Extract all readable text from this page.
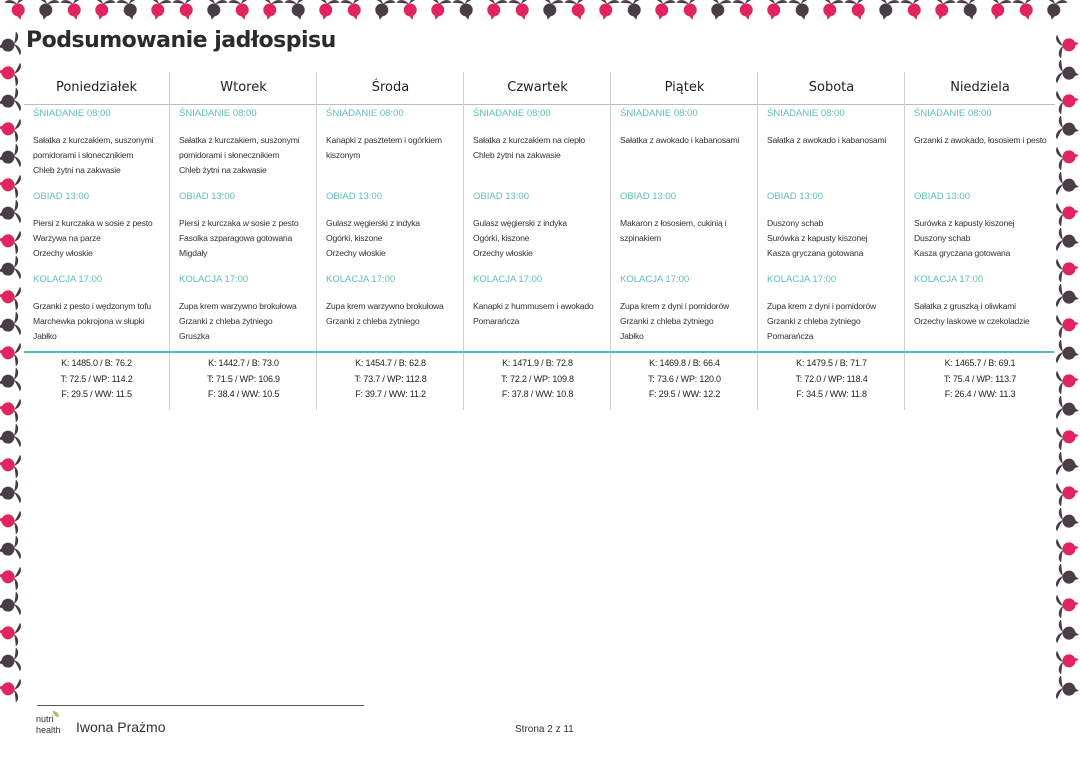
Podsumowanie jadłospisu
Poniedziałek
ŚNIADANIE 08:00
Sałatka z kurczakiem, suszonymi
pomidorami i słonecznikiem
Chleb żytni na zakwasie
OBIAD 13:00
Piersi z kurczaka w sosie z pesto
Warzywa na parze
Orzechy włoskie
KOLACJA 17:00
Grzanki z pesto i wędzonym tofu
Marchewka pokrojona w słupki
Jabłko
K: 1485.0 / B: 76.2
T: 72.5 / WP: 114.2
F: 29.5 / WW: 11.5
Wtorek
ŚNIADANIE 08:00
Sałatka z kurczakiem, suszonymi
pomidorami i słonecznikiem
Chleb żytni na zakwasie
OBIAD 13:00
Piersi z kurczaka w sosie z pesto
Fasolka szparagowa gotowana
Migdały
KOLACJA 17:00
Zupa krem warzywno brokułowa
Grzanki z chleba żytniego
Gruszka
K: 1442.7 / B: 73.0
T: 71.5 / WP: 106.9
F: 38.4 / WW: 10.5
Środa
ŚNIADANIE 08:00
Kanapki z pasztetem i ogórkiem
kiszonym
OBIAD 13:00
Gulasz węgierski z indyka
Ogórki, kiszone
Orzechy włoskie
KOLACJA 17:00
Zupa krem warzywno brokułowa
Grzanki z chleba żytniego
K: 1454.7 / B: 62.8
T: 73.7 / WP: 112.8
F: 39.7 / WW: 11.2
Czwartek
ŚNIADANIE 08:00
Sałatka z kurczakiem na ciepło
Chleb żytni na zakwasie
OBIAD 13:00
Gulasz węgierski z indyka
Ogórki, kiszone
Orzechy włoskie
KOLACJA 17:00
Kanapki z hummusem i awokado
Pomarańcza
K: 1471.9 / B: 72.8
T: 72.2 / WP: 109.8
F: 37.8 / WW: 10.8
Piątek
ŚNIADANIE 08:00
Sałatka z awokado i kabanosami
OBIAD 13:00
Makaron z łososiem, cukinią i
szpinakiem
KOLACJA 17:00
Zupa krem z dyni i pomidorów
Grzanki z chleba żytniego
Jabłko
K: 1469.8 / B: 66.4
T: 73.6 / WP: 120.0
F: 29.5 / WW: 12.2
Sobota
ŚNIADANIE 08:00
Sałatka z awokado i kabanosami
OBIAD 13:00
Duszony schab
Surówka z kapusty kiszonej
Kasza gryczana gotowana
KOLACJA 17:00
Zupa krem z dyni i pomidorów
Grzanki z chleba żytniego
Pomarańcza
K: 1479.5 / B: 71.7
T: 72.0 / WP: 118.4
F: 34.5 / WW: 11.8
Niedziela
ŚNIADANIE 08:00
Grzanki z awokado, łososiem i pesto
OBIAD 13:00
Surówka z kapusty kiszonej
Duszony schab
Kasza gryczana gotowana
KOLACJA 17:00
Sałatka z gruszką i oliwkami
Orzechy laskowe w czekoladzie
K: 1465.7 / B: 69.1
T: 75.4 / WP: 113.7
F: 26.4 / WW: 11.3
nutri
health Iwona Prażmo	Strona 2 z 11
